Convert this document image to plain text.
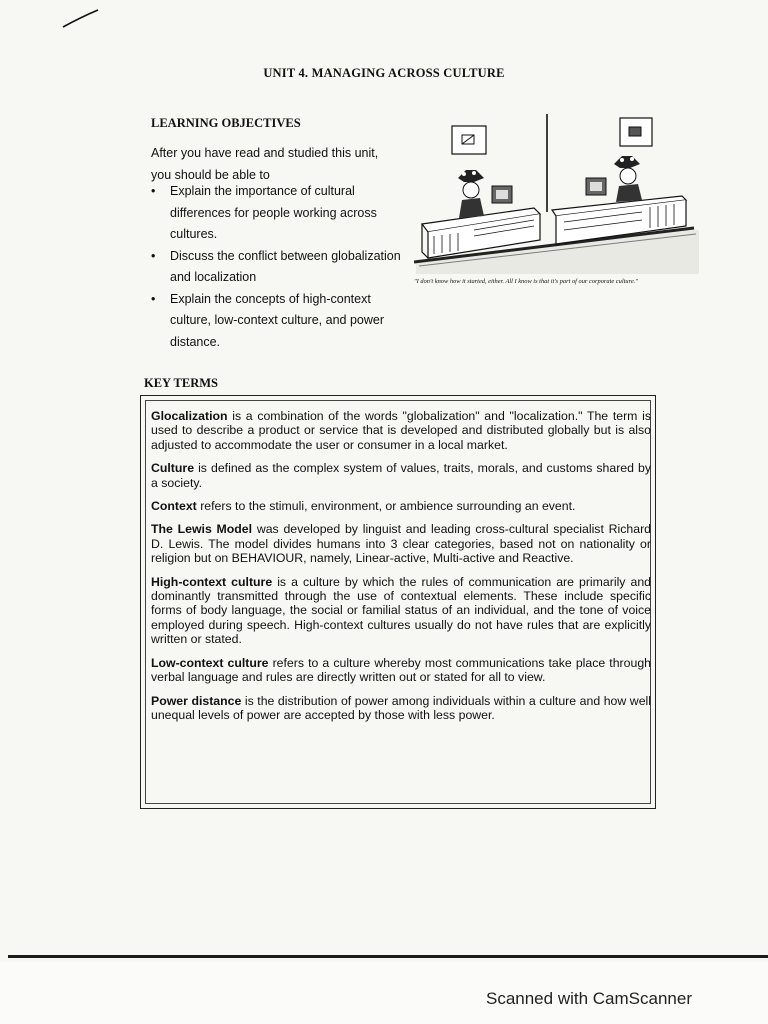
UNIT 4. MANAGING ACROSS CULTURE
LEARNING OBJECTIVES
After you have read and studied this unit,
you should be able to
• Explain the importance of cultural differences for people working across cultures.
• Discuss the conflict between globalization and localization
• Explain the concepts of high-context culture, low-context culture, and power distance.
"I don't know how it started, either. All I know is that it's part of our corporate culture."
KEY TERMS

Glocalization is a combination of the words "globalization" and "localization." The term is used to describe a product or service that is developed and distributed globally but is also adjusted to accommodate the user or consumer in a local market.

Culture is defined as the complex system of values, traits, morals, and customs shared by a society.

Context refers to the stimuli, environment, or ambience surrounding an event.

The Lewis Model was developed by linguist and leading cross-cultural specialist Richard D. Lewis. The model divides humans into 3 clear categories, based not on nationality or religion but on BEHAVIOUR, namely, Linear-active, Multi-active and Reactive.

High-context culture is a culture by which the rules of communication are primarily and dominantly transmitted through the use of contextual elements. These include specific forms of body language, the social or familial status of an individual, and the tone of voice employed during speech. High-context cultures usually do not have rules that are explicitly written or stated.

Low-context culture refers to a culture whereby most communications take place through verbal language and rules are directly written out or stated for all to view.

Power distance is the distribution of power among individuals within a culture and how well unequal levels of power are accepted by those with less power.

Scanned with CamScanner
